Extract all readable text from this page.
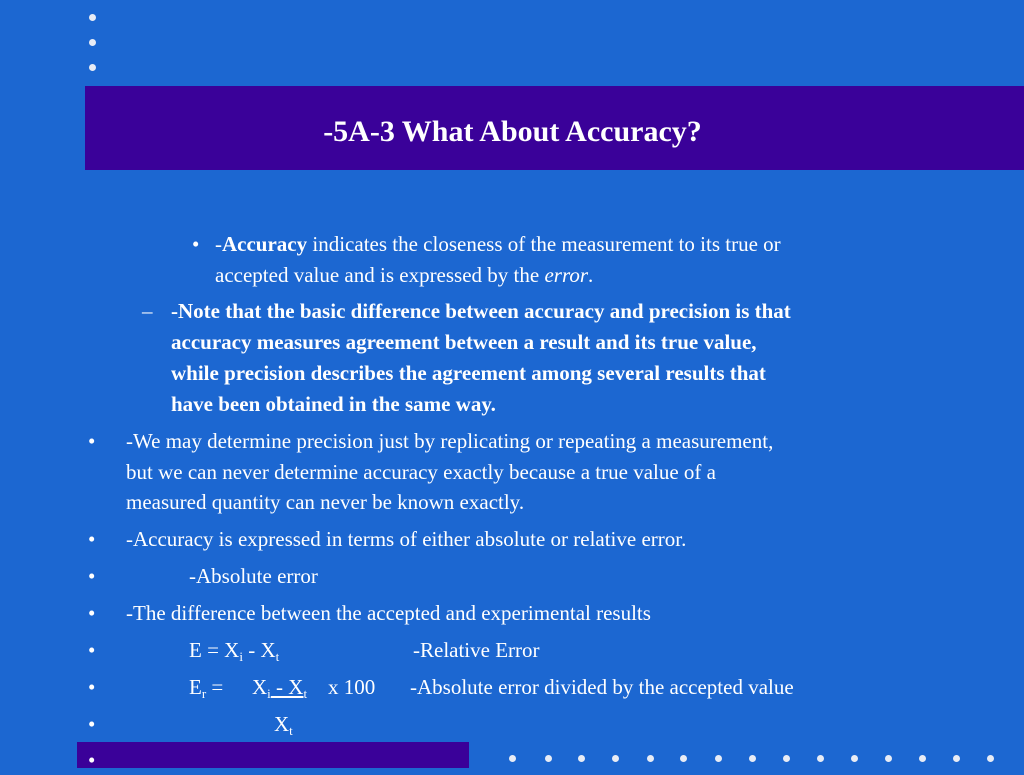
-5A-3 What About Accuracy?
• -Accuracy indicates the closeness of the measurement to its true or
accepted value and is expressed by the error.
– -Note that the basic difference between accuracy and precision is that
accuracy measures agreement between a result and its true value,
while precision describes the agreement among several results that
have been obtained in the same way.
• -We may determine precision just by replicating or repeating a measurement,
but we can never determine accuracy exactly because a true value of a
measured quantity can never be known exactly.
• -Accuracy is expressed in terms of either absolute or relative error.
•	-Absolute error
• -The difference between the accepted and experimental results
•	$E = X_i - X_t$	-Relative Error
•	$E_r = X_i - X_t$ x 100 -Absolute error divided by the accepted value
•	$X_t$
•
